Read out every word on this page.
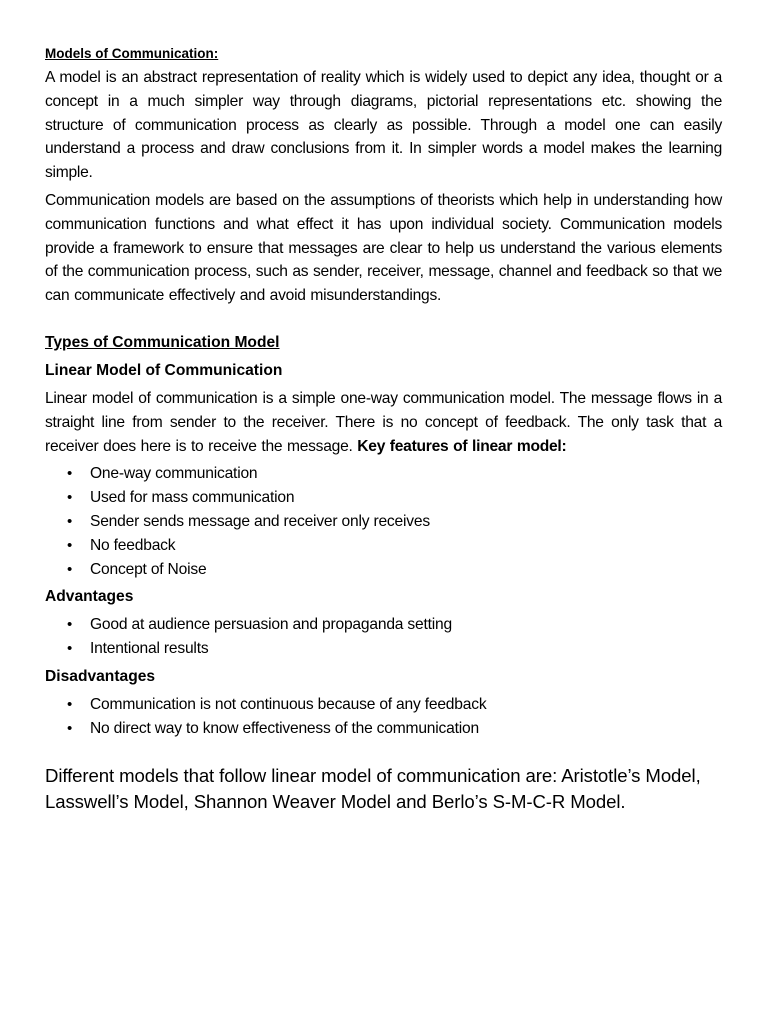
Models of Communication:

A model is an abstract representation of reality which is widely used to depict any idea, thought or a concept in a much simpler way through diagrams, pictorial representations etc. showing the structure of communication process as clearly as possible. Through a model one can easily understand a process and draw conclusions from it. In simpler words a model makes the learning simple.

Communication models are based on the assumptions of theorists which help in understanding how communication functions and what effect it has upon individual society. Communication models provide a framework to ensure that messages are clear to help us understand the various elements of the communication process, such as sender, receiver, message, channel and feedback so that we can communicate effectively and avoid misunderstandings.

Types of Communication Model
Linear Model of Communication

Linear model of communication is a simple one-way communication model. The message flows in a straight line from sender to the receiver. There is no concept of feedback. The only task that a receiver does here is to receive the message. Key features of linear model:

• One-way communication
• Used for mass communication
• Sender sends message and receiver only receives
• No feedback
• Concept of Noise
Advantages
• Good at audience persuasion and propaganda setting
• Intentional results
Disadvantages
• Communication is not continuous because of any feedback
• No direct way to know effectiveness of the communication

Different models that follow linear model of communication are: Aristotle’s Model, Lasswell’s Model, Shannon Weaver Model and Berlo’s S-M-C-R Model.
